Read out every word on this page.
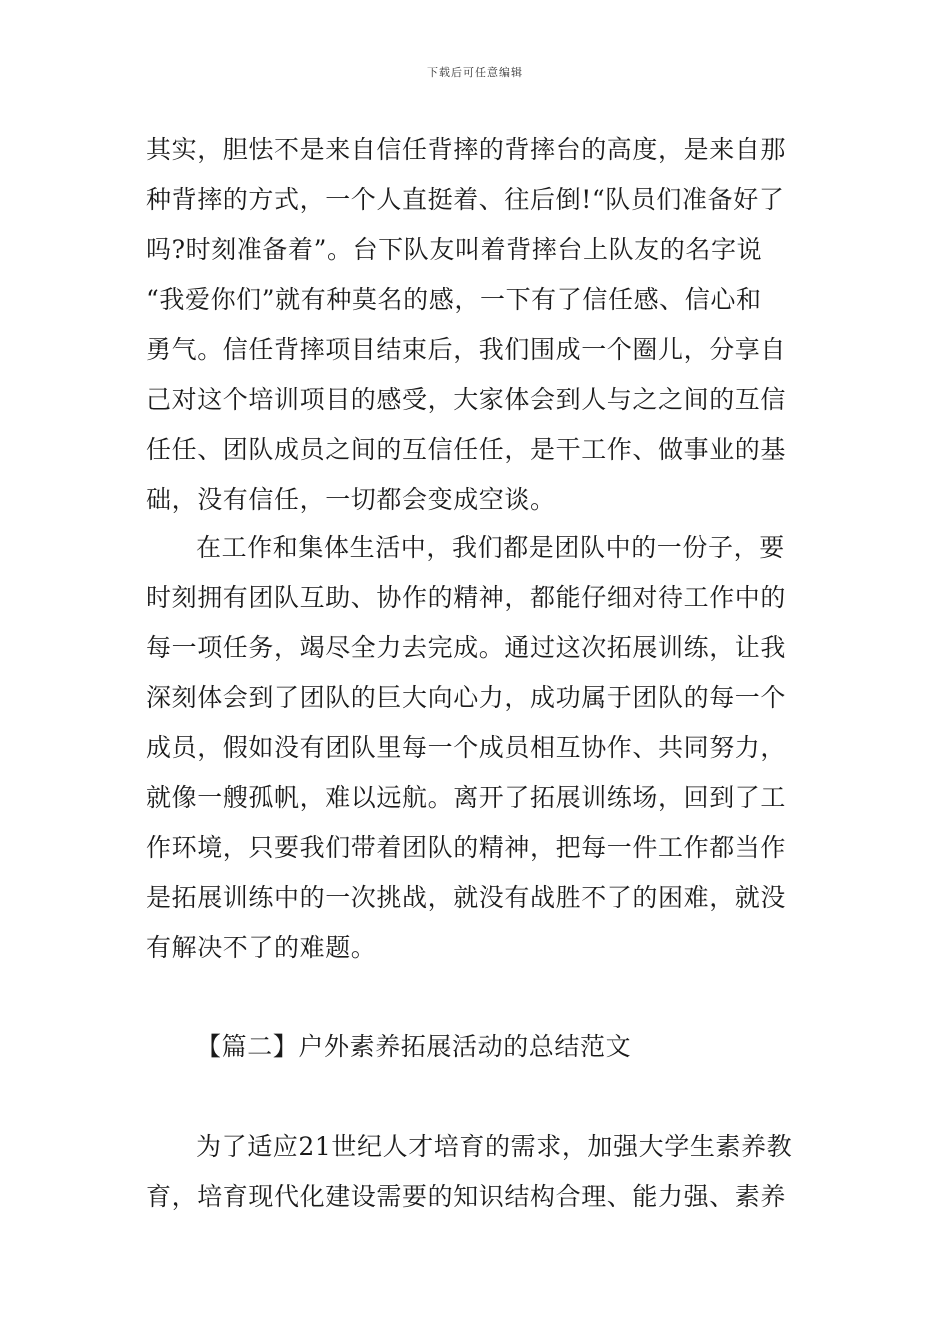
下载后可任意编辑
其实，胆怯不是来自信任背摔的背摔台的高度，是来自那
种背摔的方式，一个人直挺着、往后倒!“队员们准备好了
吗?时刻准备着”。台下队友叫着背摔台上队友的名字说
“我爱你们”就有种莫名的感，一下有了信任感、信心和
勇气。信任背摔项目结束后，我们围成一个圈儿，分享自
己对这个培训项目的感受，大家体会到人与之之间的互信
任任、团队成员之间的互信任任，是干工作、做事业的基
础，没有信任，一切都会变成空谈。
在工作和集体生活中，我们都是团队中的一份子，要
时刻拥有团队互助、协作的精神，都能仔细对待工作中的
每一项任务，竭尽全力去完成。通过这次拓展训练，让我
深刻体会到了团队的巨大向心力，成功属于团队的每一个
成员，假如没有团队里每一个成员相互协作、共同努力，
就像一艘孤帆，难以远航。离开了拓展训练场，回到了工
作环境，只要我们带着团队的精神，把每一件工作都当作
是拓展训练中的一次挑战，就没有战胜不了的困难，就没
有解决不了的难题。
【篇二】户外素养拓展活动的总结范文
为了适应21世纪人才培育的需求，加强大学生素养教
育，培育现代化建设需要的知识结构合理、能力强、素养
